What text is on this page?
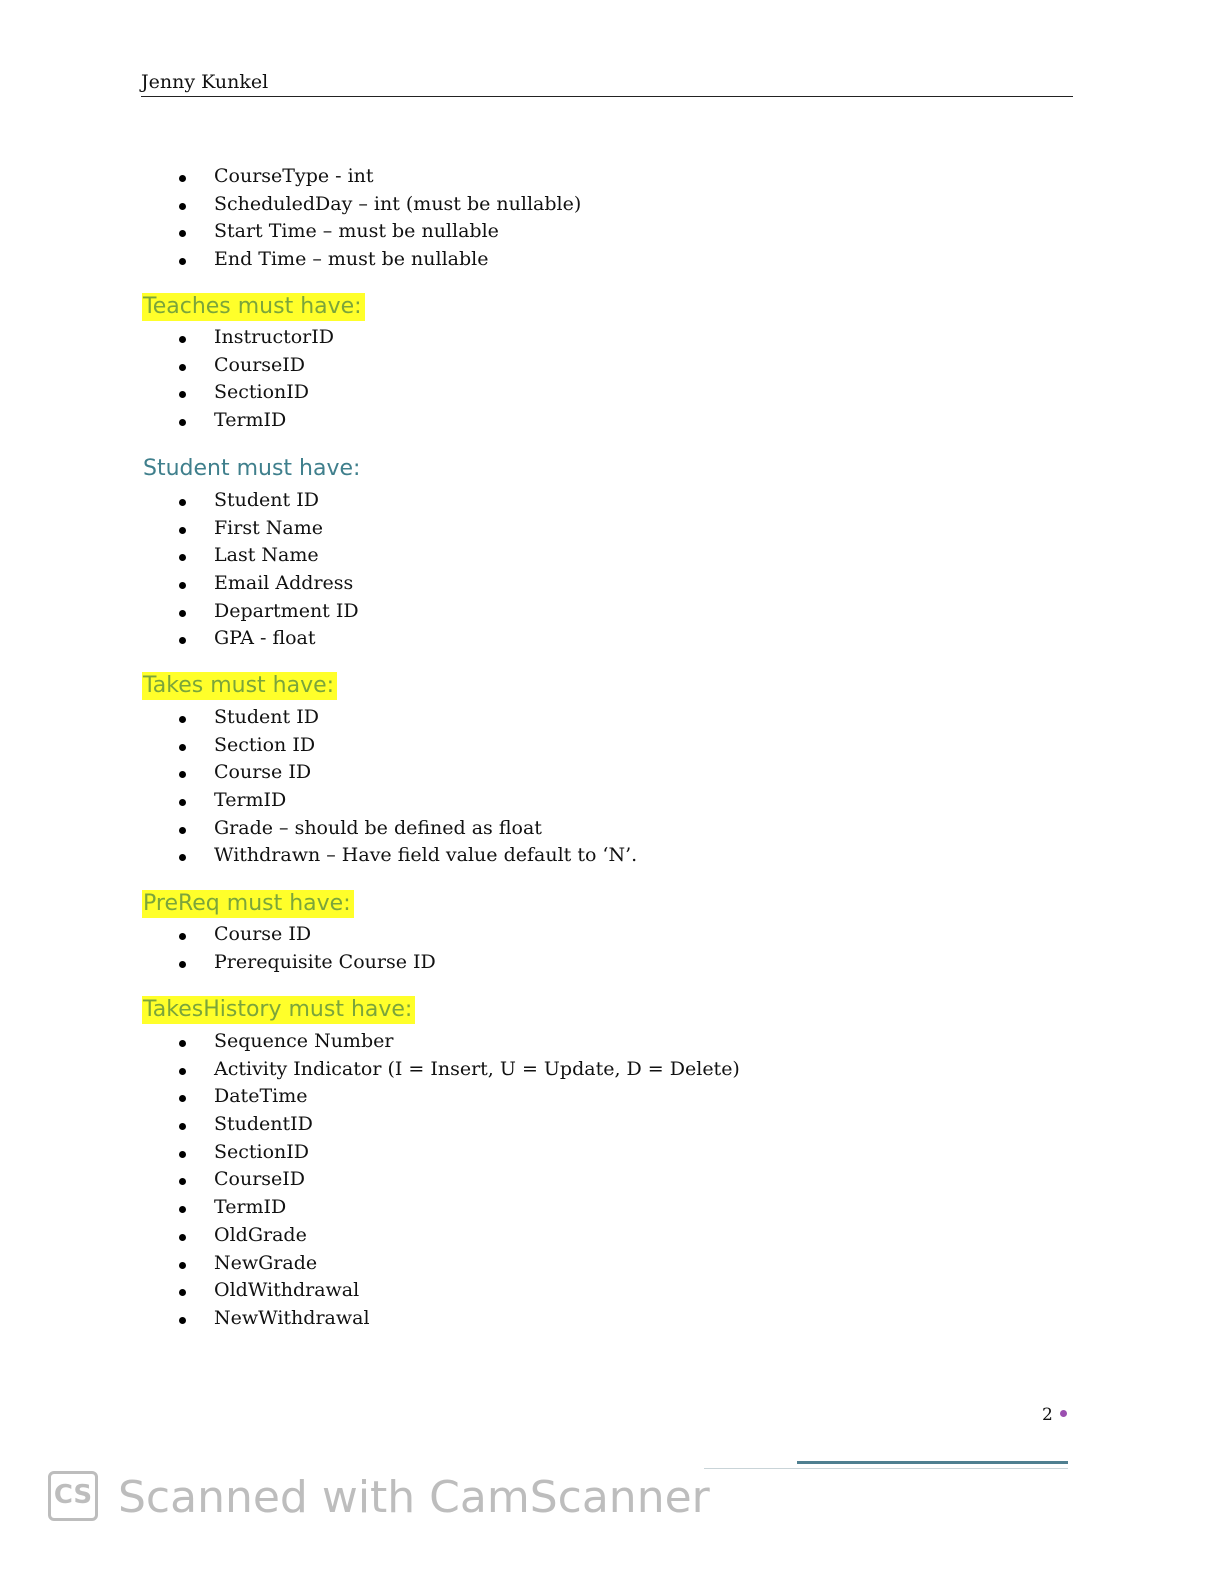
Jenny Kunkel
CourseType - int
ScheduledDay – int (must be nullable)
Start Time – must be nullable
End Time – must be nullable
Teaches must have:
InstructorID
CourseID
SectionID
TermID
Student must have:
Student ID
First Name
Last Name
Email Address
Department ID
GPA - float
Takes must have:
Student ID
Section ID
Course ID
TermID
Grade – should be defined as float
Withdrawn – Have field value default to ‘N’.
PreReq must have:
Course ID
Prerequisite Course ID
TakesHistory must have:
Sequence Number
Activity Indicator (I = Insert, U = Update, D = Delete)
DateTime
StudentID
SectionID
CourseID
TermID
OldGrade
NewGrade
OldWithdrawal
NewWithdrawal
2
CS Scanned with CamScanner
